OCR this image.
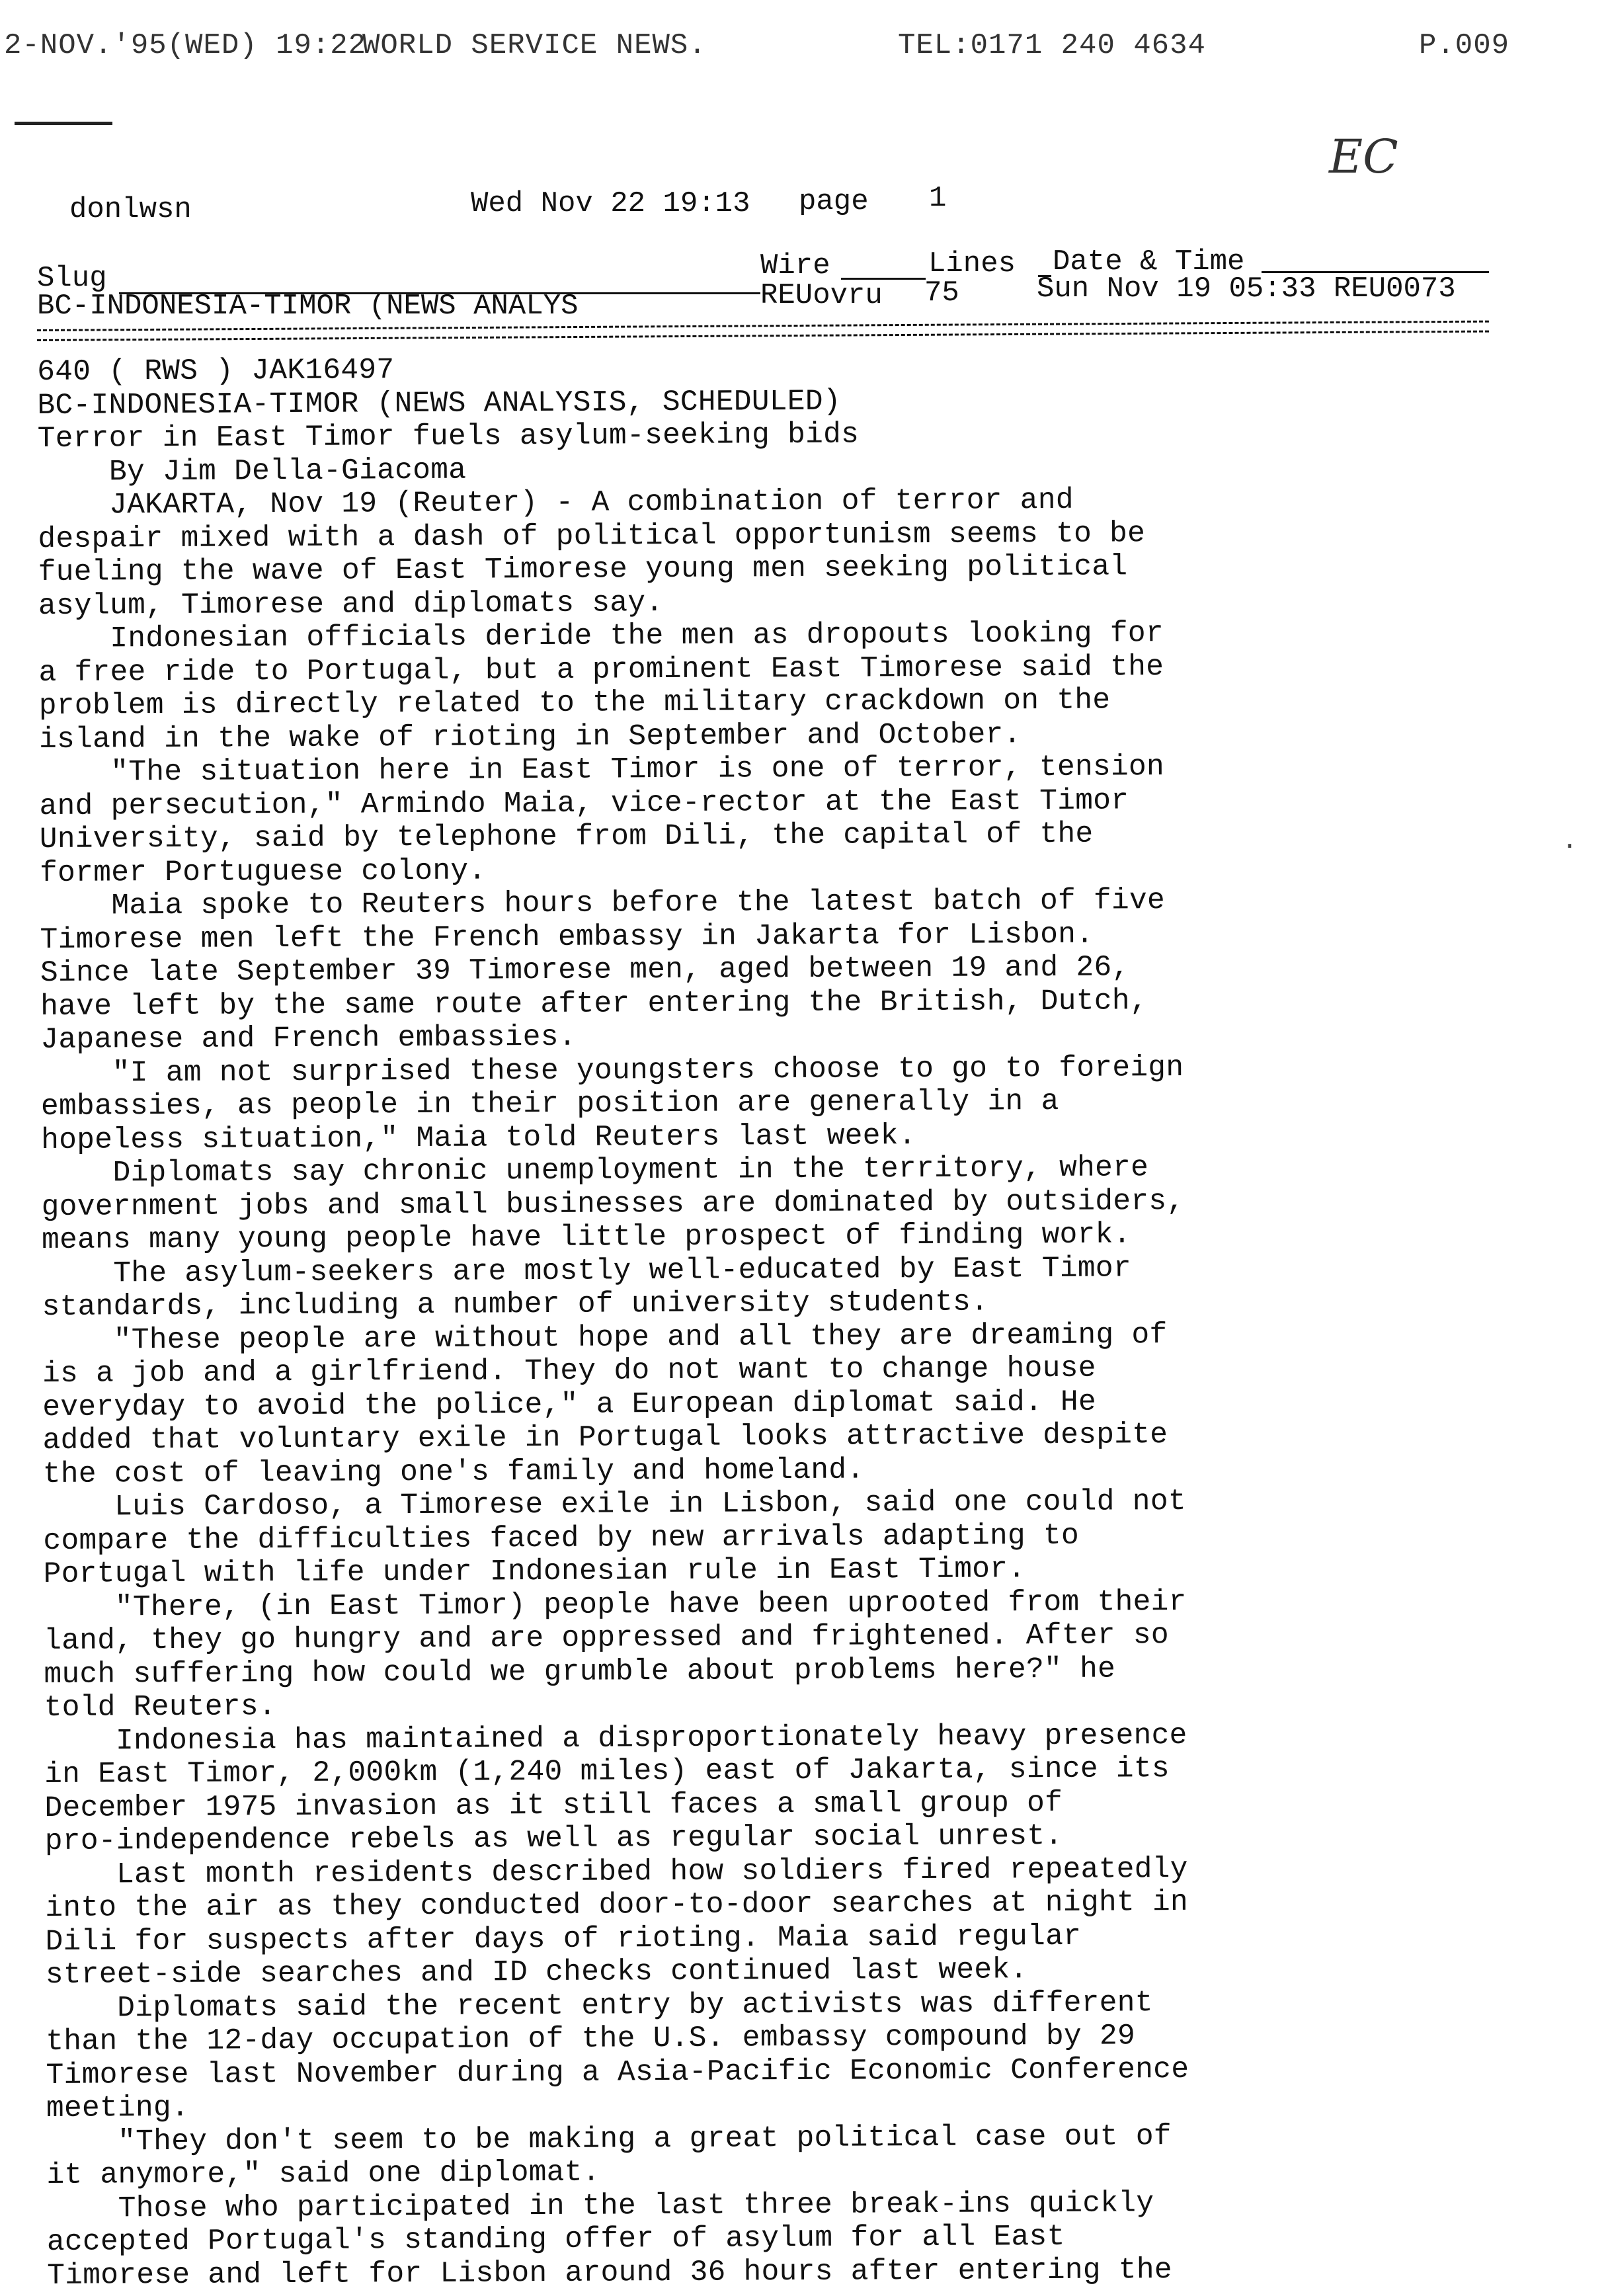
2-NOV.'95(WED) 19:22
WORLD SERVICE NEWS.	TEL:0171 240 4634	P.009
EC
.
donlwsn	Wed Nov 22 19:13 page 1
Slug	Wire	Lines Date & Time
BC-INDONESIA-TIMOR (NEWS ANALYS	REUovru 75	Sun Nov 19 05:33 REU0073
640 ( RWS ) JAK16497
BC-INDONESIA-TIMOR (NEWS ANALYSIS, SCHEDULED)
Terror in East Timor fuels asylum-seeking bids
By Jim Della-Giacoma
JAKARTA, Nov 19 (Reuter) - A combination of terror and
despair mixed with a dash of political opportunism seems to be
fueling the wave of East Timorese young men seeking political
asylum, Timorese and diplomats say.
Indonesian officials deride the men as dropouts looking for
a free ride to Portugal, but a prominent East Timorese said the
problem is directly related to the military crackdown on the
island in the wake of rioting in September and October.
"The situation here in East Timor is one of terror, tension
and persecution," Armindo Maia, vice-rector at the East Timor
University, said by telephone from Dili, the capital of the
former Portuguese colony.
Maia spoke to Reuters hours before the latest batch of five
Timorese men left the French embassy in Jakarta for Lisbon.
Since late September 39 Timorese men, aged between 19 and 26,
have left by the same route after entering the British, Dutch,
Japanese and French embassies.
"I am not surprised these youngsters choose to go to foreign
embassies, as people in their position are generally in a
hopeless situation," Maia told Reuters last week.
Diplomats say chronic unemployment in the territory, where
government jobs and small businesses are dominated by outsiders,
means many young people have little prospect of finding work.
The asylum-seekers are mostly well-educated by East Timor
standards, including a number of university students.
"These people are without hope and all they are dreaming of
is a job and a girlfriend. They do not want to change house
everyday to avoid the police," a European diplomat said. He
added that voluntary exile in Portugal looks attractive despite
the cost of leaving one's family and homeland.
Luis Cardoso, a Timorese exile in Lisbon, said one could not
compare the difficulties faced by new arrivals adapting to
Portugal with life under Indonesian rule in East Timor.
"There, (in East Timor) people have been uprooted from their
land, they go hungry and are oppressed and frightened. After so
much suffering how could we grumble about problems here?" he
told Reuters.
Indonesia has maintained a disproportionately heavy presence
in East Timor, 2,000km (1,240 miles) east of Jakarta, since its
December 1975 invasion as it still faces a small group of
pro-independence rebels as well as regular social unrest.
Last month residents described how soldiers fired repeatedly
into the air as they conducted door-to-door searches at night in
Dili for suspects after days of rioting. Maia said regular
street-side searches and ID checks continued last week.
Diplomats said the recent entry by activists was different
than the 12-day occupation of the U.S. embassy compound by 29
Timorese last November during a Asia-Pacific Economic Conference
meeting.
"They don't seem to be making a great political case out of
it anymore," said one diplomat.
Those who participated in the last three break-ins quickly
accepted Portugal's standing offer of asylum for all East
Timorese and left for Lisbon around 36 hours after entering the
